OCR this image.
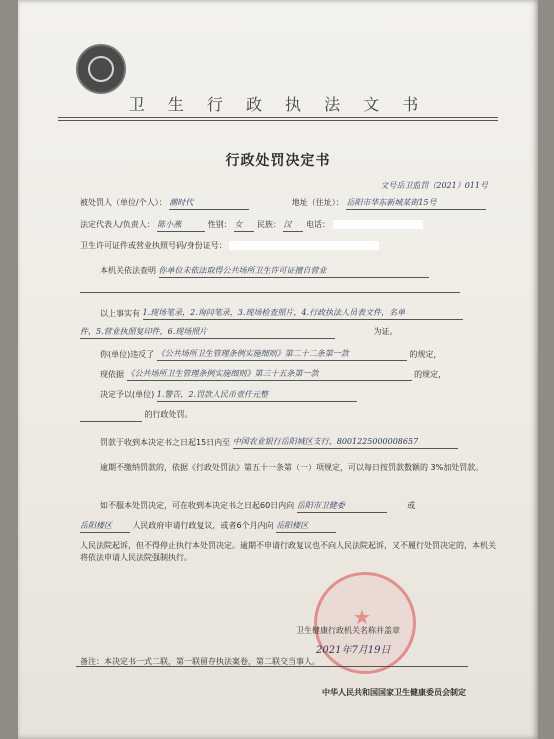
卫 生 行 政 执 法 文 书
行政处罚决定书
文号岳卫监罚（2021）011号
被处罚人（单位/个人）： 潮时代	地址（住址）： 岳阳市华东新城某街15号
法定代表人/负责人： 陈小燕	性别： 女 民族： 汉 电话：
卫生许可证件或营业执照号码/身份证号：
本机关依法查明 你单位未依法取得公共场所卫生许可证擅自营业
以上事实有 1.现场笔录，2.询问笔录，3.现场检查照片，4.行政执法人员表文件，名单
件，5.营业执照复印件，6.现场照片	为证。
你(单位)违反了 《公共场所卫生管理条例实施细则》第二十二条第一款	的规定，
现依据 《公共场所卫生管理条例实施细则》第三十五条第一款	的规定，
决定予以(单位) 1.警告，2.罚款人民币壹仟元整
的行政处罚。
罚款于收到本决定书之日起15日内至 中国农业银行岳阳城区支行，8001225000008657
逾期不缴纳罚款的，依据《行政处罚法》第五十一条第（一）项规定，可以每日按罚款数额的 3%加处罚款。
如不服本处罚决定，可在收到本决定书之日起60日内向 岳阳市卫健委	或
岳阳楼区	人民政府申请行政复议，或者6个月内向 岳阳楼区
人民法院起诉，但不得停止执行本处罚决定。逾期不申请行政复议也不向人民法院起诉，又不履行处罚决定的，本机关将依法申请人民法院强制执行。
★
卫生健康行政机关名称并盖章
2021年7月19日
备注：本决定书一式二联，第一联留存执法案卷，第二联交当事人。
中华人民共和国国家卫生健康委员会制定
